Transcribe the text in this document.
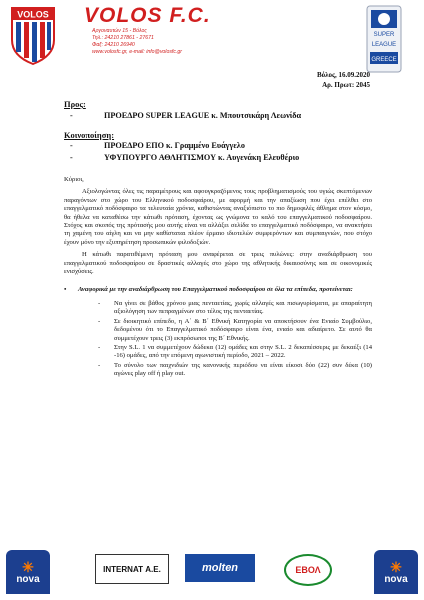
VOLOS VOLOS F.C.
Αργοναυτών 15 - Βόλος
Τηλ.: 24210 27861 - 27671
Φαξ: 24210 26940
www.volosfc.gr, e-mail: info@volosfc.gr
SUPER
LEAGUE
GREECE
Βόλος, 16.09.2020
Αρ. Πρωτ: 2045
Προς:
-	ΠΡΟΕΔΡΟ SUPER LEAGUE κ. Μπουτσικάρη Λεωνίδα
Κοινοποίηση:
-	ΠΡΟΕΔΡΟ ΕΠΟ κ. Γραμμένο Ευάγγελο
-	ΥΦΥΠΟΥΡΓΟ ΑΘΛΗΤΙΣΜΟΥ κ. Αυγενάκη Ελευθέριο

Κύριοι,

Αξιολογώντας όλες τις παραμέτρους και αφουγκραζόμενος τους προβληματισμούς του υγιώς σκεπτόμενων παραγόντων στο χώρο του Ελληνικού ποδοσφαίρου, με αφορμή και την απαξίωση που έχει επέλθει στο επαγγελματικό ποδόσφαιρο τα τελευταία χρόνια, καθιστώντας αναξιόπιστο το πιο δημοφιλές άθλημα στον κόσμο, θα ήθελα να καταθέσω την κάτωθι πρόταση, έχοντας ως γνώμονα το καλό του επαγγελματικού ποδοσφαίρου. Στόχος και σκοπός της πρότασής μου αυτής είναι να αλλάξει σελίδα το επαγγελματικό ποδόσφαιρο, να ανακτήσει τη χαμένη του αίγλη και να μην καθίσταται πλέον έρμαιο ιδιοτελών συμφερόντων και συμπαιγνιών, που στόχο έχουν μόνο την εξυπηρέτηση προσωπικών φιλοδοξιών.

Η κάτωθι παρατιθέμενη πρόταση μου αναφέρεται σε τρεις πυλώνες: στην αναδιάρθρωση του επαγγελματικού ποδοσφαίρου σε δραστικές αλλαγές στο χώρο της αθλητικής δικαιοσύνης και σε οικονομικές ενισχύσεις.

•	Αναφορικά με την αναδιάρθρωση του Επαγγελματικού ποδοσφαίρου σε όλα τα επίπεδα, προτείνεται:
-	Να γίνει σε βάθος χρόνου μιας πενταετίας, χωρίς αλλαγές και πισωγυρίσματα, με απαραίτητη αξιολόγηση των πεπραγμένων στο τέλος της πενταετίας.

-	Σε διοικητικό επίπεδο, η Α΄ & Β΄ Εθνική Κατηγορία να αποκτήσουν ένα Ενιαίο Συμβούλιο, δεδομένου ότι το Επαγγελματικό ποδόσφαιρο είναι ένα, ενιαίο και αδιαίρετο. Σε αυτό θα συμμετέχουν τρεις (3) εκπρόσωποι της Β΄ Εθνικής.

-	Στην S.L. 1 να συμμετέχουν δώδεκα (12) ομάδες και στην S.L. 2 δεκαπέσσερις με δεκαέξι (14 -16) ομάδες, από την επόμενη αγωνιστική περίοδο, 2021 – 2022.

-	Το σύνολο των παιχνιδιών της κανονικής περιόδου να είναι είκοσι δύο (22) συν δέκα (10) αγώνες play off ή play out.

✳
nova
INTERNAT Α.Ε.	molten	ΕΒΟΛ	✳
nova
